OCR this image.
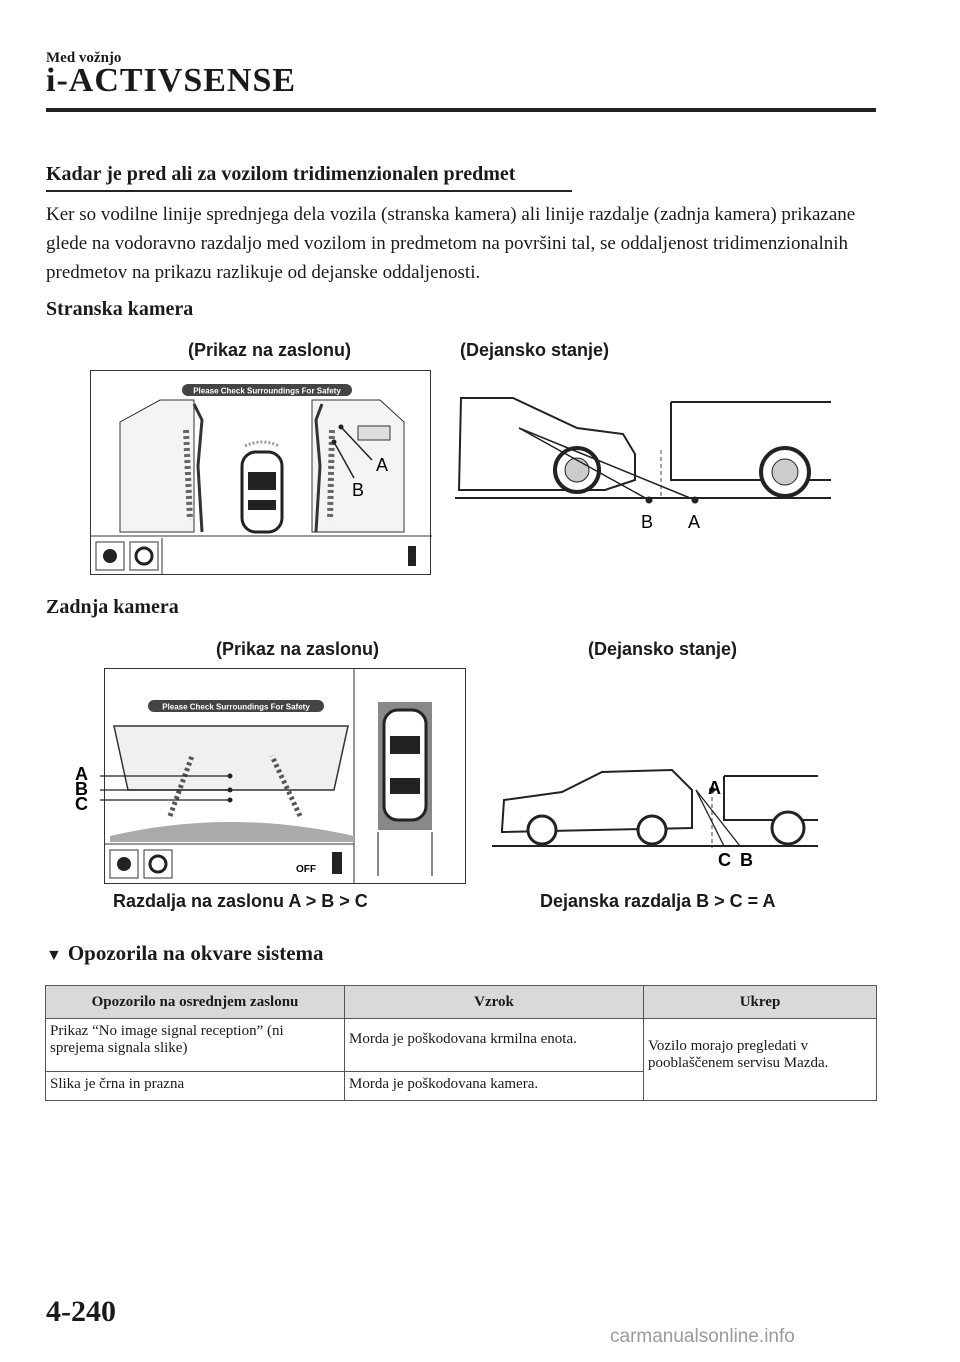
Med vožnjo
i-ACTIVSENSE
Kadar je pred ali za vozilom tridimenzionalen predmet
Ker so vodilne linije sprednjega dela vozila (stranska kamera) ali linije razdalje (zadnja kamera) prikazane glede na vodoravno razdaljo med vozilom in predmetom na površini tal, se oddaljenost tridimenzionalnih predmetov na prikazu razlikuje od dejanske oddaljenosti.
Stranska kamera
(Prikaz na zaslonu)	(Dejansko stanje)
Please Check Surroundings For Safety
A
B
B A
Zadnja kamera
(Prikaz na zaslonu)	(Dejansko stanje)
Please Check Surroundings For Safety
A
B
C
OFF
A
C B
Razdalja na zaslonu A > B > C	Dejanska razdalja B > C = A
▼ Opozorila na okvare sistema
Opozorilo na osrednjem zaslonu	Vzrok	Ukrep
Prikaz “No image signal reception” (ni sprejema signala slike)	Morda je poškodovana krmilna enota.	Vozilo morajo pregledati v pooblaščenem servisu Mazda.
Slika je črna in prazna	Morda je poškodovana kamera.	
4-240
carmanualsonline.info
